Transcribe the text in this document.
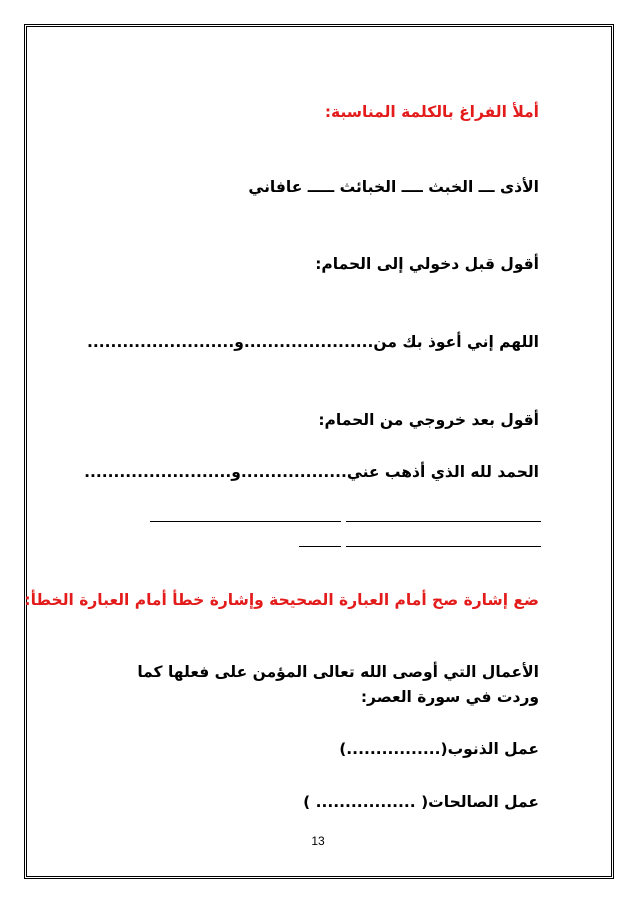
أملأ الفراغ بالكلمة المناسبة:
الأذى ـــ الخبث ــــ الخبائث ـــــ عافاني
أقول قبل دخولي إلى الحمام:
اللهم إني أعوذ بك من......................و.........................
أقول بعد خروجي من الحمام:
الحمد لله الذي أذهب عني..................و.........................
ضع إشارة صح أمام العبارة الصحيحة وإشارة خطأ أمام العبارة الخطأ:
الأعمال التي أوصى الله تعالى المؤمن على فعلها كما وردت في سورة العصر:
عمل الذنوب(................)
عمل الصالحات( ................. )
13
